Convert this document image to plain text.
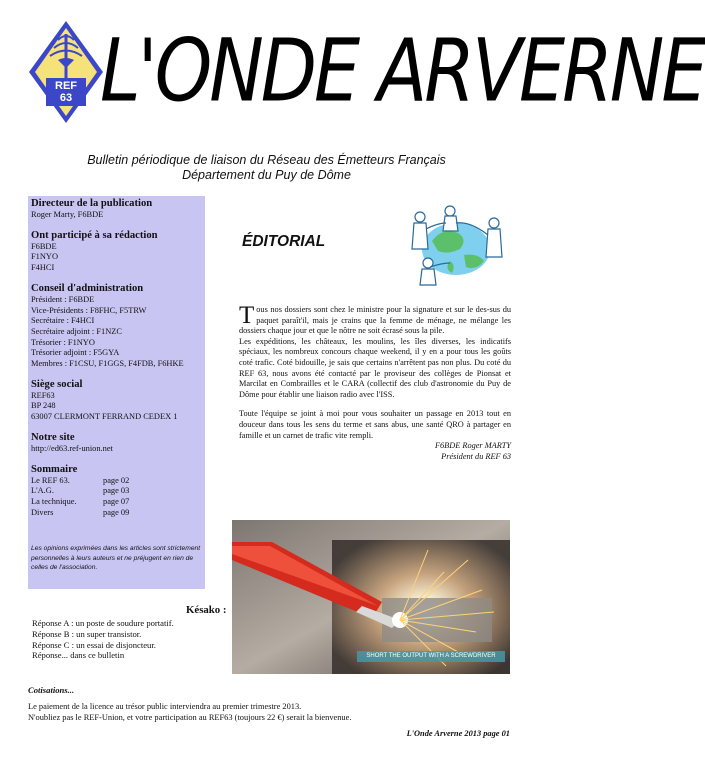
REF
63 L'ONDE ARVERNE
Bulletin périodique de liaison du Réseau des Émetteurs Français
Département du Puy de Dôme
Directeur de la publication
Roger Marty, F6BDE
Ont participé à sa rédaction
F6BDE
F1NYO
F4HCI
Conseil d'administration
Président : F6BDE
Vice-Présidents : F8FHC, F5TRW
Secrétaire : F4HCI
Secrétaire adjoint : F1NZC
Trésorier : F1NYO
Trésorier adjoint : F5GYA
Membres : F1CSU, F1GGS, F4FDB, F6HKE
Siège social
REF63
BP 248
63007 CLERMONT FERRAND CEDEX 1
Notre site
http://ed63.ref-union.net
Sommaire
Le REF 63.	page 02
L'A.G.	page 03
La technique.	page 07
Divers	page 09
Les opinions exprimées dans les articles sont strictement personnelles à leurs auteurs et ne préjugent en rien de celles de l'association.
ÉDITORIAL

Tous nos dossiers sont chez le ministre pour la signature et sur le des-sus du paquet paraît'il, mais je crains que la femme de ménage, ne mélange les dossiers chaque jour et que le nôtre ne soit écrasé sous la pile.

Les expéditions, les châteaux, les moulins, les îles diverses, les indicatifs spéciaux, les nombreux concours chaque weekend, il y en a pour tous les goûts coté trafic. Coté bidouille, je sais que certains n'arrêtent pas non plus. Du coté du REF 63, nous avons été contacté par le proviseur des collèges de Pionsat et Marcilat en Combrailles et le CARA (collectif des club d'astronomie du Puy de Dôme pour établir une liaison radio avec l'ISS.

Toute l'équipe se joint à moi pour vous souhaiter un passage en 2013 tout en douceur dans tous les sens du terme et sans abus, une santé QRO à partager en famille et un carnet de trafic vite rempli.

F6BDE Roger MARTY
Président du REF 63
SHORT THE OUTPUT WITH A SCREWDRIVER
Késako :
Réponse A : un poste de soudure portatif.
Réponse B : un super transistor.
Réponse C : un essai de disjoncteur.
Réponse... dans ce bulletin
Cotisations...
Le paiement de la licence au trésor public interviendra au premier trimestre 2013.
N'oubliez pas le REF-Union, et votre participation au REF63 (toujours 22 €) serait la bienvenue.
L'Onde Arverne 2013 page 01
